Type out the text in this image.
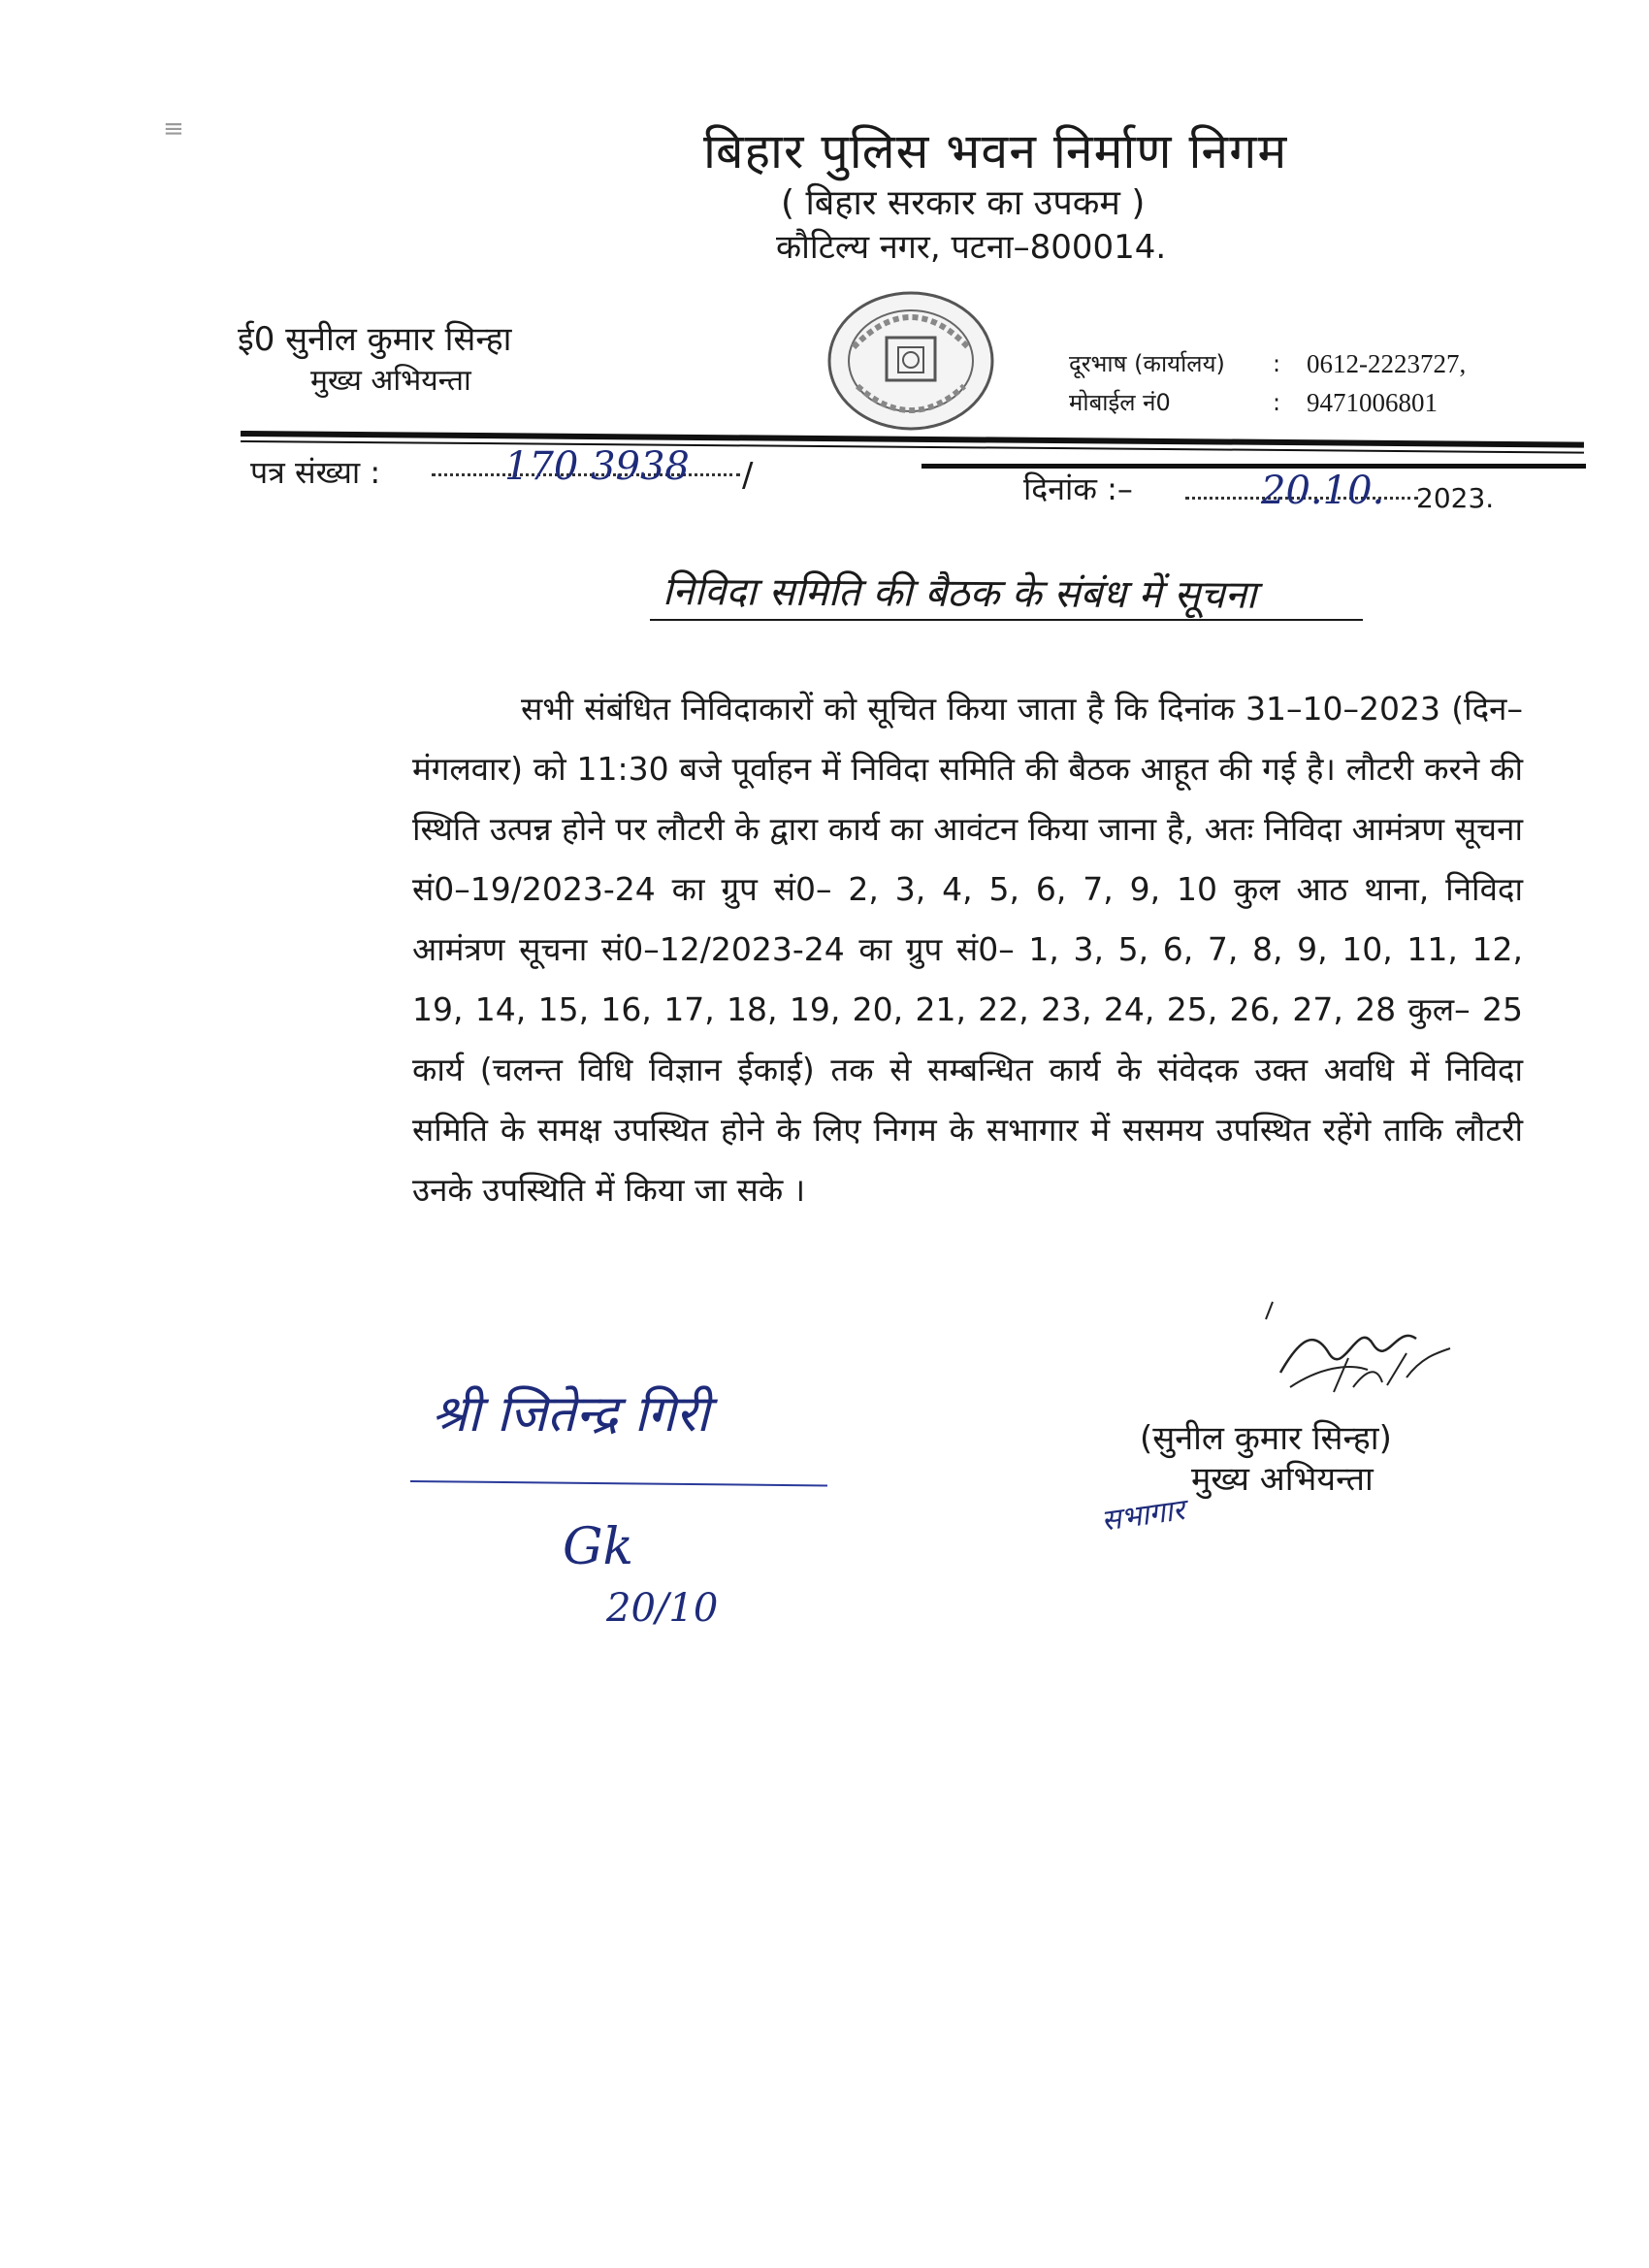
≡	बिहार पुलिस भवन निर्माण निगम
( बिहार सरकार का उपकम )
कौटिल्य नगर, पटना–800014.
ई0 सुनील कुमार सिन्हा
मुख्य अभियन्ता	दूरभाष (कार्यालय)	: 0612-2223727,
मोबाईल नं0	: 9471006801
पत्र संख्या :	170 3938 /	दिनांक :–	20.10. 2023.
निविदा समिति की बैठक के संबंध में सूचना
सभी संबंधित निविदाकारों को सूचित किया जाता है कि दिनांक 31–10–2023 (दिन– मंगलवार) को 11:30 बजे पूर्वाहन में निविदा समिति की बैठक आहूत की गई है। लौटरी करने की स्थिति उत्पन्न होने पर लौटरी के द्वारा कार्य का आवंटन किया जाना है, अतः निविदा आमंत्रण सूचना सं0–19/2023-24 का ग्रुप सं0– 2, 3, 4, 5, 6, 7, 9, 10 कुल आठ थाना, निविदा आमंत्रण सूचना सं0–12/2023-24 का ग्रुप सं0– 1, 3, 5, 6, 7, 8, 9, 10, 11, 12, 19, 14, 15, 16, 17, 18, 19, 20, 21, 22, 23, 24, 25, 26, 27, 28 कुल– 25 कार्य (चलन्त विधि विज्ञान ईकाई) तक से सम्बन्धित कार्य के संवेदक उक्त अवधि में निविदा समिति के समक्ष उपस्थित होने के लिए निगम के सभागार में ससमय उपस्थित रहेंगे ताकि लौटरी उनके उपस्थिति में किया जा सके ।
श्री जितेन्द्र गिरी
Gk
20/10
(सुनील कुमार सिन्हा)
मुख्य अभियन्ता
सभागार
